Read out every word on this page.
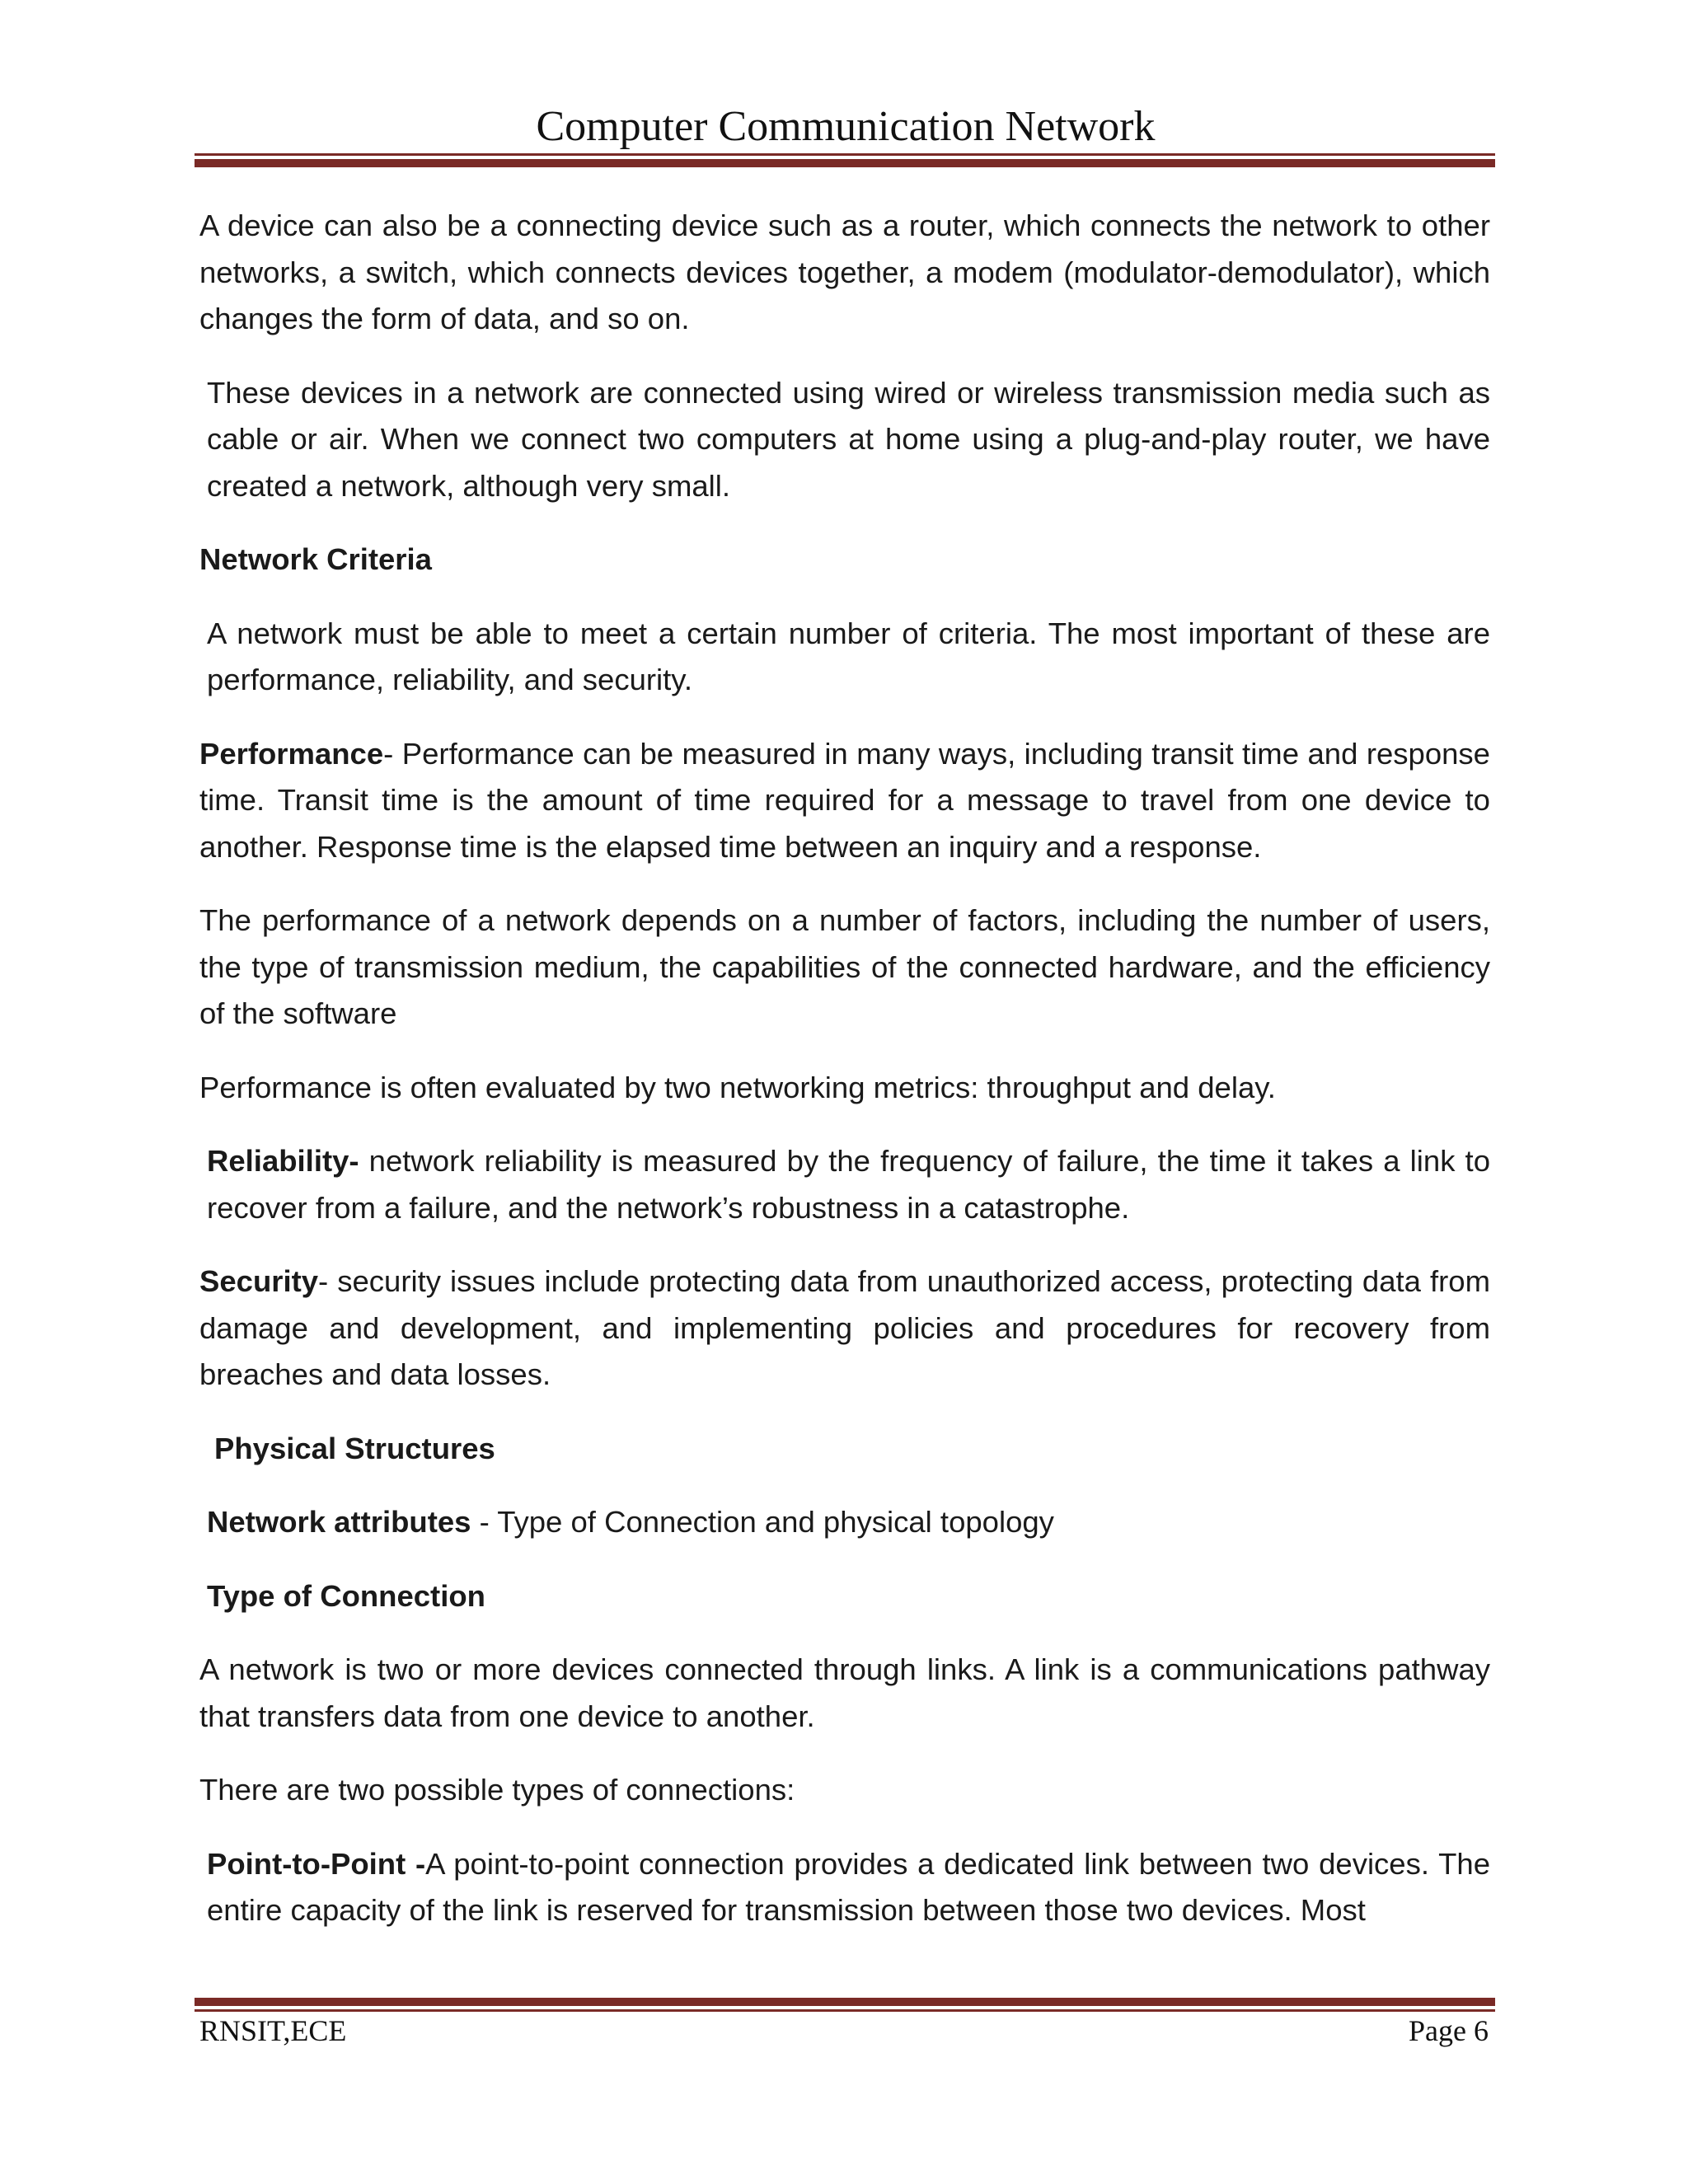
Computer Communication Network

A device can also be a connecting device such as a router, which connects the network to other networks, a switch, which connects devices together, a modem (modulator-demodulator), which changes the form of data, and so on.

These devices in a network are connected using wired or wireless transmission media such as cable or air. When we connect two computers at home using a plug-and-play router, we have created a network, although very small.

Network Criteria

A network must be able to meet a certain number of criteria. The most important of these are performance, reliability, and security.

Performance- Performance can be measured in many ways, including transit time and response time. Transit time is the amount of time required for a message to travel from one device to another. Response time is the elapsed time between an inquiry and a response.

The performance of a network depends on a number of factors, including the number of users, the type of transmission medium, the capabilities of the connected hardware, and the efficiency of the software

Performance is often evaluated by two networking metrics: throughput and delay.

Reliability- network reliability is measured by the frequency of failure, the time it takes a link to recover from a failure, and the network’s robustness in a catastrophe.

Security- security issues include protecting data from unauthorized access, protecting data from damage and development, and implementing policies and procedures for recovery from breaches and data losses.

Physical Structures

Network attributes - Type of Connection and physical topology

Type of Connection

A network is two or more devices connected through links. A link is a communications pathway that transfers data from one device to another.

There are two possible types of connections:

Point-to-Point -A point-to-point connection provides a dedicated link between two devices. The entire capacity of the link is reserved for transmission between those two devices. Most

RNSIT,ECE	Page 6
